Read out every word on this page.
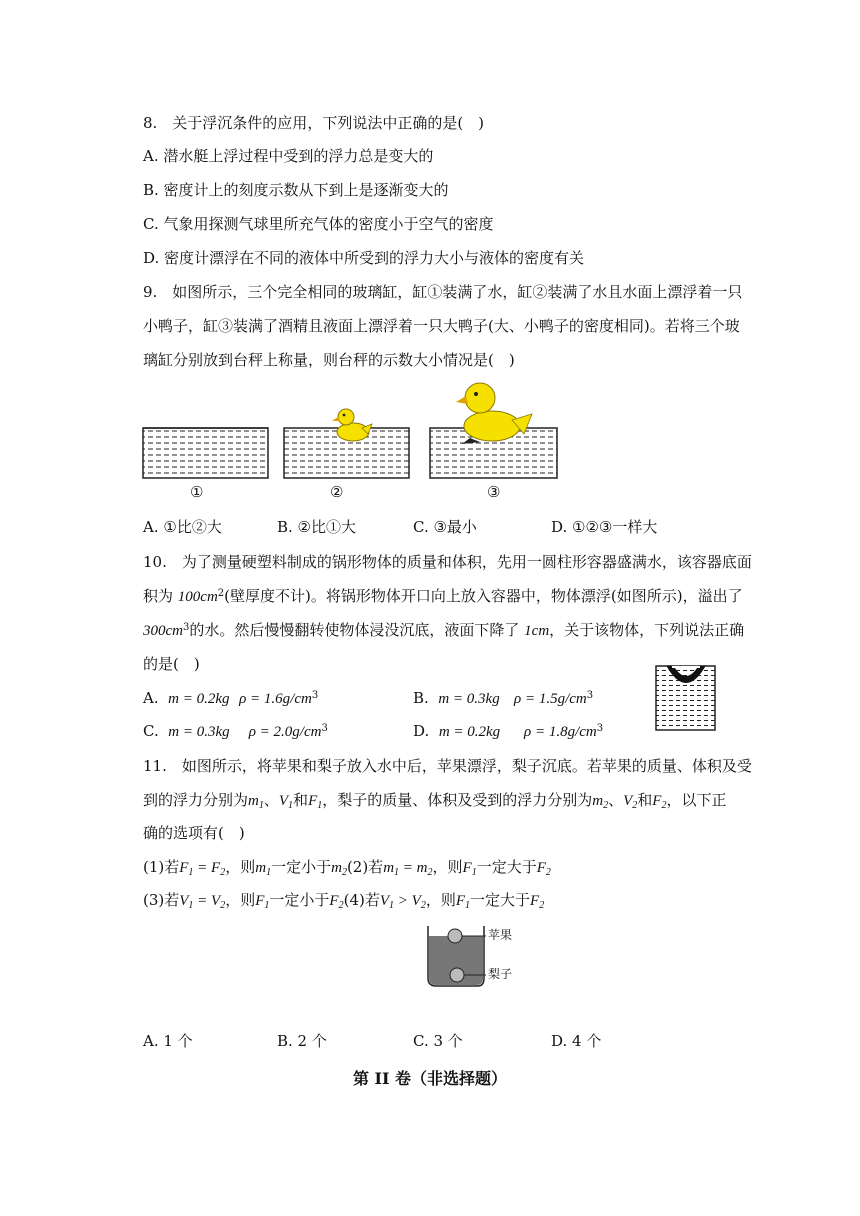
8.　关于浮沉条件的应用，下列说法中正确的是(　)
A. 潜水艇上浮过程中受到的浮力总是变大的
B. 密度计上的刻度示数从下到上是逐渐变大的
C. 气象用探测气球里所充气体的密度小于空气的密度
D. 密度计漂浮在不同的液体中所受到的浮力大小与液体的密度有关
9.　如图所示，三个完全相同的玻璃缸，缸①装满了水，缸②装满了水且水面上漂浮着一只
小鸭子，缸③装满了酒精且液面上漂浮着一只大鸭子(大、小鸭子的密度相同)。若将三个玻
璃缸分别放到台秤上称量，则台秤的示数大小情况是(　)
①	②	③
A. ①比②大	B. ②比①大	C. ③最小	D. ①②③一样大
10.　为了测量硬塑料制成的锅形物体的质量和体积，先用一圆柱形容器盛满水，该容器底面
积为 $100cm^2$(壁厚度不计)。将锅形物体开口向上放入容器中，物体漂浮(如图所示)，溢出了
$300cm^3$的水。然后慢慢翻转使物体浸没沉底，液面下降了 1cm，关于该物体，下列说法正确
的是(　)
A. m = 0.2kg $\rho = 1.6g/cm^3$	B. m = 0.3kg $\rho = 1.5g/cm^3$
C. m = 0.3kg $\rho = 2.0g/cm^3$	D. m = 0.2kg $\rho = 1.8g/cm^3$
11.　如图所示，将苹果和梨子放入水中后，苹果漂浮，梨子沉底。若苹果的质量、体积及受
到的浮力分别为$m_1$、$V_1$和$F_1$，梨子的质量、体积及受到的浮力分别为$m_2$、$V_2$和$F_2$，以下正
确的选项有(　)
(1)若$F_1 = F_2$，则$m_1$一定小于$m_2(2)$若$m_1 = m_2$，则$F_1$一定大于$F_2$
(3)若$V_1 = V_2$，则$F_1$一定小于$F_2(4)$若$V_1 > V_2$，则$F_1$一定大于$F_2$
苹果
梨子
A. 1 个	B. 2 个	C. 3 个	D. 4 个
第 II 卷（非选择题）
